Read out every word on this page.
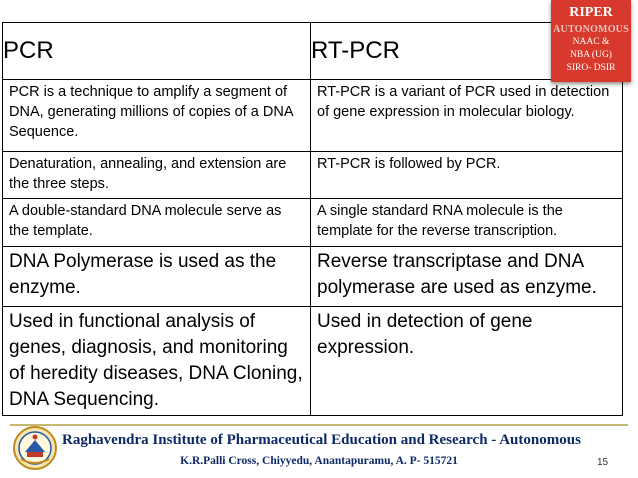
PCR	RT-PCR
PCR is a technique to amplify a segment of DNA, generating millions of copies of a DNA Sequence.	RT-PCR is a variant of PCR used in detection of gene expression in molecular biology.
Denaturation, annealing, and extension are the three steps.	RT-PCR is followed by PCR.
A double-standard DNA molecule serve as the template.	A single standard RNA molecule is the template for the reverse transcription.
DNA Polymerase is used as the enzyme.	Reverse transcriptase and DNA polymerase are used as enzyme.
Used in functional analysis of genes, diagnosis, and monitoring of heredity diseases, DNA Cloning, DNA Sequencing.	Used in detection of gene expression.
RIPER
AUTONOMOUS
NAAC &
NBA (UG)
SIRO- DSIR
Raghavendra Institute of Pharmaceutical Education and Research - Autonomous
K.R.Palli Cross, Chiyyedu, Anantapuramu, A. P- 515721	15
